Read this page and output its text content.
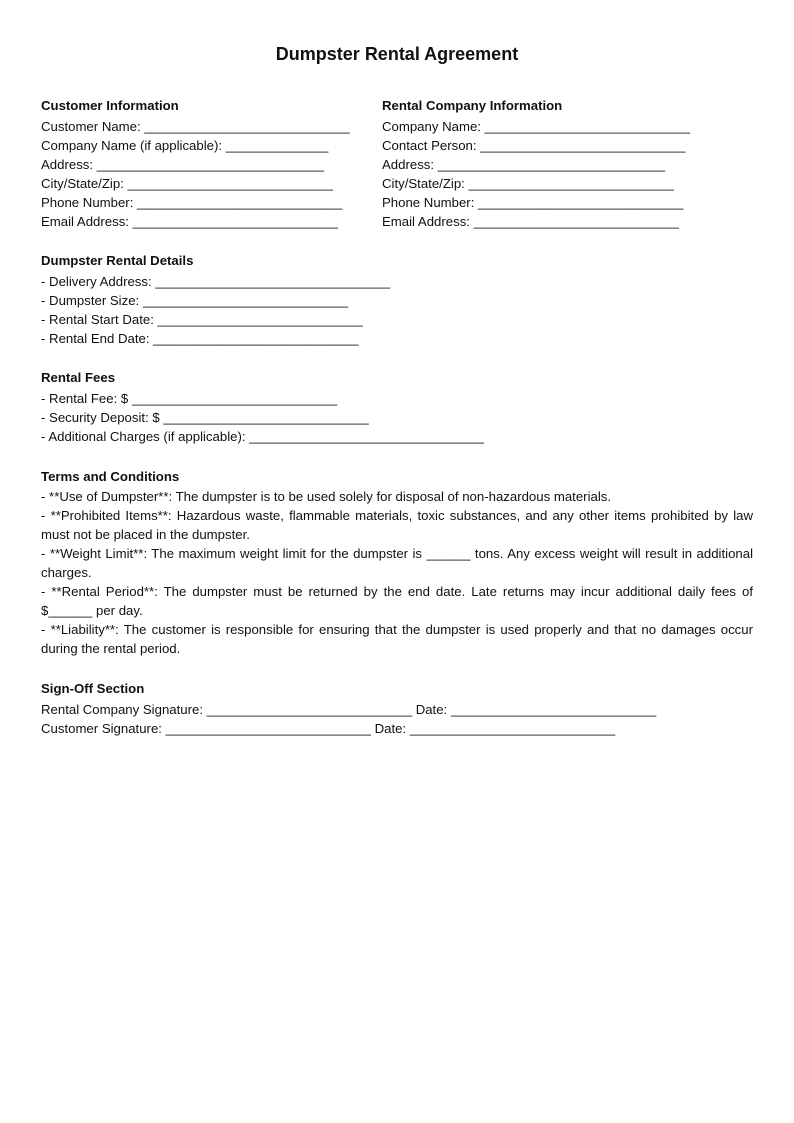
Dumpster Rental Agreement
Customer Information
Customer Name: ____________________________
Company Name (if applicable): ______________
Address: _______________________________
City/State/Zip: ____________________________
Phone Number: ____________________________
Email Address: ____________________________
Rental Company Information
Company Name: ____________________________
Contact Person: ____________________________
Address: _______________________________
City/State/Zip: ____________________________
Phone Number: ____________________________
Email Address: ____________________________
Dumpster Rental Details
- Delivery Address: ________________________________
- Dumpster Size: ____________________________
- Rental Start Date: ____________________________
- Rental End Date: ____________________________
Rental Fees
- Rental Fee: $ ____________________________
- Security Deposit: $ ____________________________
- Additional Charges (if applicable): ________________________________
Terms and Conditions

- **Use of Dumpster**: The dumpster is to be used solely for disposal of non-hazardous materials.

- **Prohibited Items**: Hazardous waste, flammable materials, toxic substances, and any other items prohibited by law must not be placed in the dumpster.

- **Weight Limit**: The maximum weight limit for the dumpster is ______ tons. Any excess weight will result in additional charges.

- **Rental Period**: The dumpster must be returned by the end date. Late returns may incur additional daily fees of $______ per day.

- **Liability**: The customer is responsible for ensuring that the dumpster is used properly and that no damages occur during the rental period.

Sign-Off Section
Rental Company Signature: ____________________________ Date: ____________________________
Customer Signature: ____________________________ Date: ____________________________
